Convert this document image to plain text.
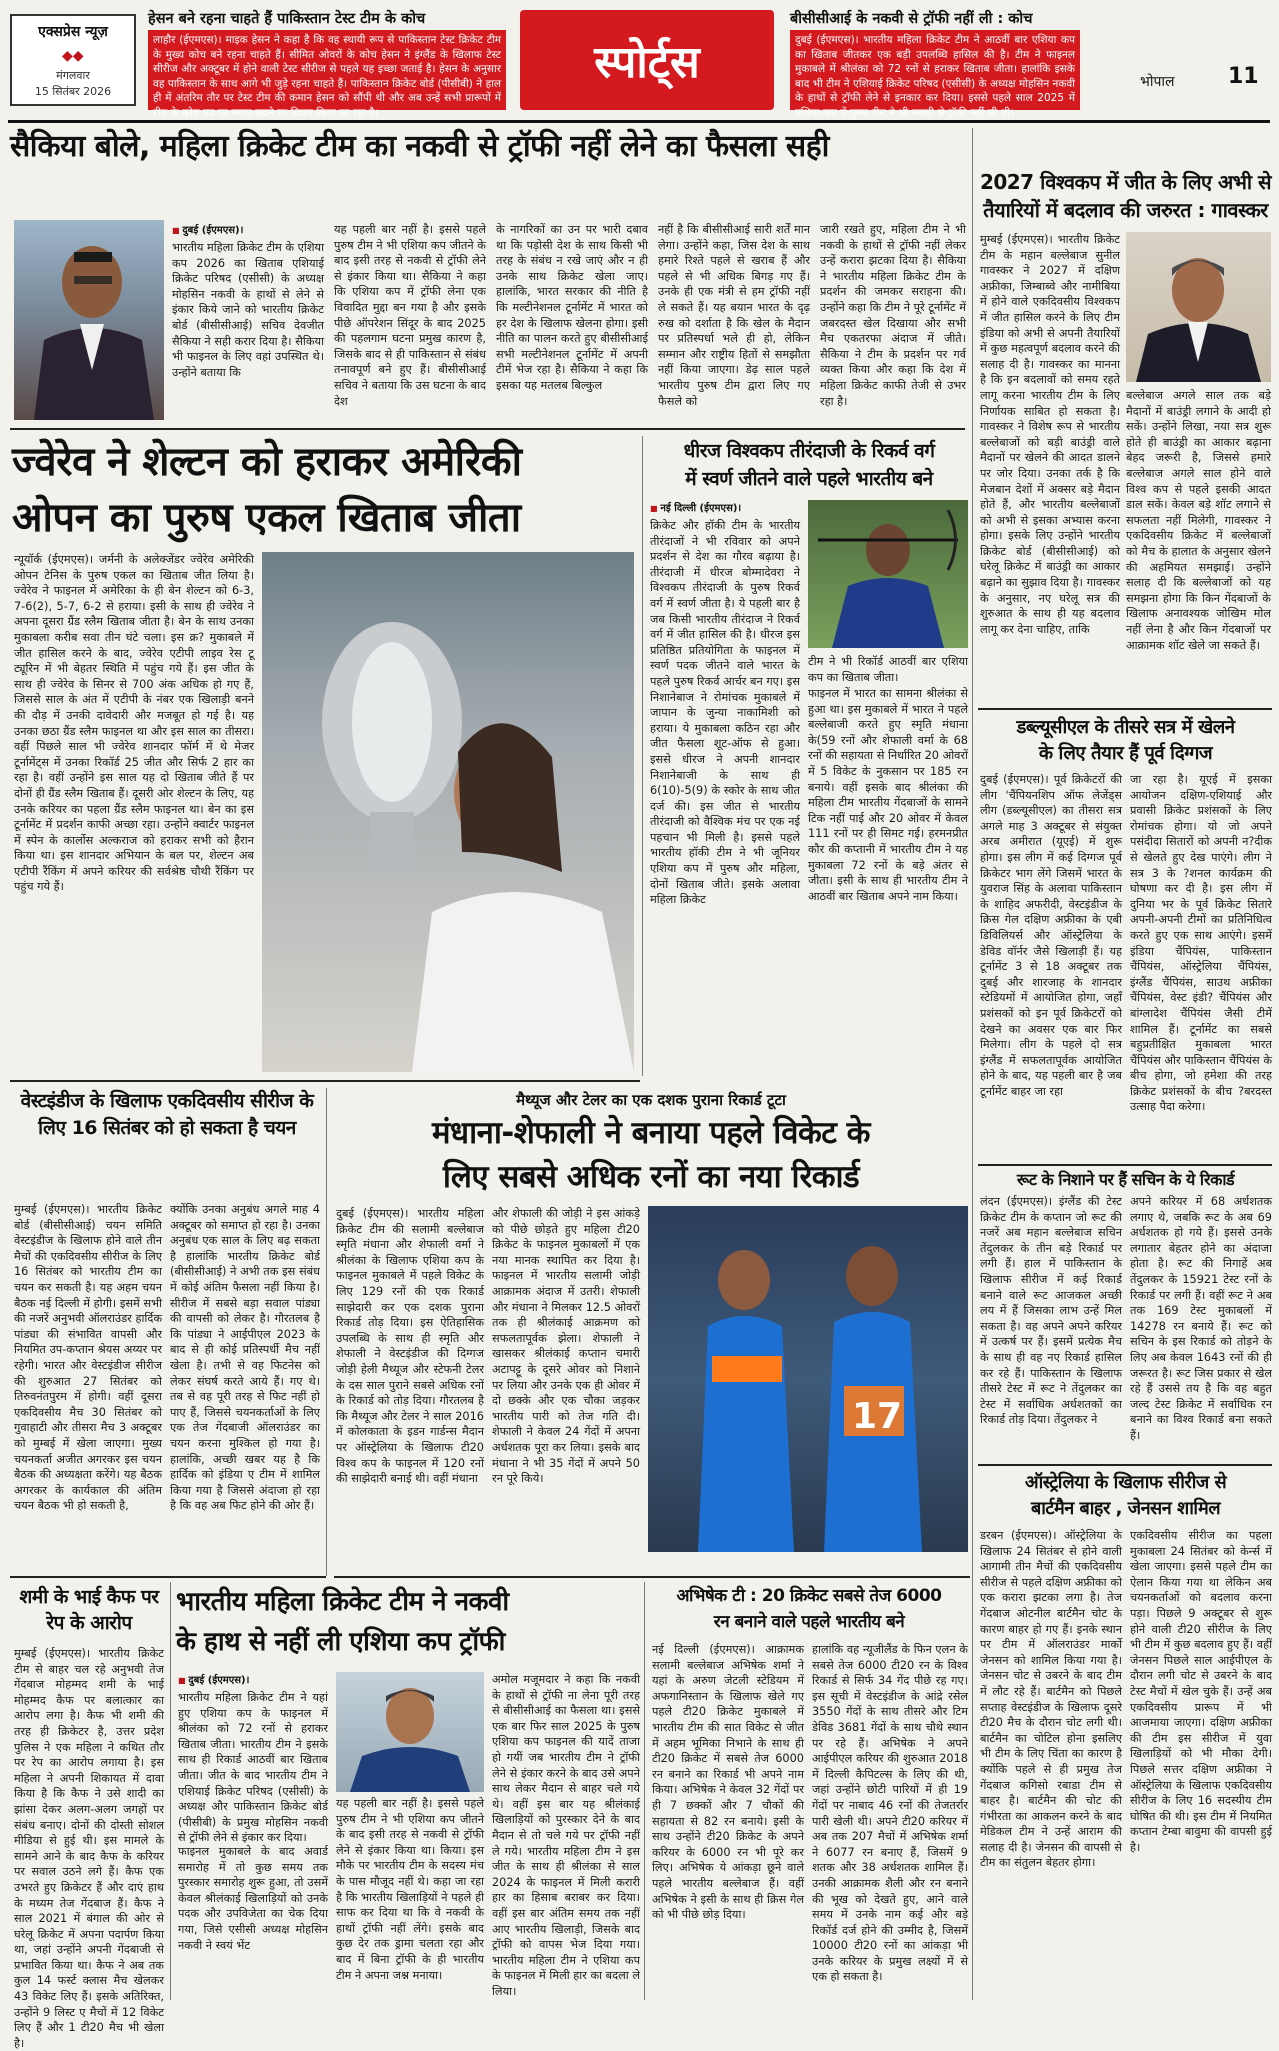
एक्सप्रेस न्यूज़
◆◆
मंगलवार
15 सितंबर 2026
हेसन बने रहना चाहते हैं पाकिस्तान टेस्ट टीम के कोच
लाहौर (ईएमएस)। माइक हेसन ने कहा है कि वह स्थायी रूप से पाकिस्तान टेस्ट क्रिकेट टीम के मुख्य कोच बने रहना चाहते हैं। सीमित ओवरों के कोच हेसन ने इंग्लैंड के खिलाफ टेस्ट सीरीज और अक्टूबर में होने वाली टेस्ट सीरीज से पहले यह इच्छा जताई है। हेसन के अनुसार वह पाकिस्तान के साथ आगे भी जुड़े रहना चाहते हैं। पाकिस्तान क्रिकेट बोर्ड (पीसीबी) ने हाल ही में अंतरिम तौर पर टेस्ट टीम की कमान हेसन को सौंपी थी और अब उन्हें सभी प्रारूपों में टीम के कोच पद पर बनाए रखने पर विचार किया जा रहा है।
स्पोर्ट्स
बीसीसीआई के नकवी से ट्रॉफी नहीं ली : कोच
दुबई (ईएमएस)। भारतीय महिला क्रिकेट टीम ने आठवीं बार एशिया कप का खिताब जीतकर एक बड़ी उपलब्धि हासिल की है। टीम ने फाइनल मुकाबले में श्रीलंका को 72 रनों से हराकर खिताब जीता। हालांकि इसके बाद भी टीम ने एशियाई क्रिकेट परिषद (एसीसी) के अध्यक्ष मोहसिन नकवी के हाथों से ट्रॉफी लेने से इनकार कर दिया। इससे पहले साल 2025 में एशिया कप में पुरुष टीम ने भी नकवी से ट्रॉफी नहीं ली थी।
भोपाल	11
सैकिया बोले, महिला क्रिकेट टीम का नकवी से ट्रॉफी नहीं लेने का फैसला सही
■ दुबई (ईएमएस)।
भारतीय महिला क्रिकेट टीम के एशिया कप 2026 का खिताब एशियाई क्रिकेट परिषद (एसीसी) के अध्यक्ष मोहसिन नकवी के हाथों से लेने से इंकार किये जाने को भारतीय क्रिकेट बोर्ड (बीसीसीआई) सचिव देवजीत सैकिया ने सही करार दिया है। सैकिया भी फाइनल के लिए वहां उपस्थित थे। उन्होंने बताया कि
यह पहली बार नहीं है। इससे पहले पुरुष टीम ने भी एशिया कप जीतने के बाद इसी तरह से नकवी से ट्रॉफी लेने से इंकार किया था। सैकिया ने कहा कि एशिया कप में ट्रॉफी लेना एक विवादित मुद्दा बन गया है और इसके पीछे ऑपरेशन सिंदूर के बाद 2025 की पहलगाम घटना प्रमुख कारण है, जिसके बाद से ही पाकिस्तान से संबंध तनावपूर्ण बने हुए हैं। बीसीसीआई सचिव ने बताया कि उस घटना के बाद देश
के नागरिकों का उन पर भारी दबाव था कि पड़ोसी देश के साथ किसी भी तरह के संबंध न रखे जाएं और न ही उनके साथ क्रिकेट खेला जाए। हालांकि, भारत सरकार की नीति है कि मल्टीनेशनल टूर्नामेंट में भारत को हर देश के खिलाफ खेलना होगा। इसी नीति का पालन करते हुए बीसीसीआई सभी मल्टीनेशनल टूर्नामेंट में अपनी टीमें भेज रहा है। सैकिया ने कहा कि इसका यह मतलब बिल्कुल
नहीं है कि बीसीसीआई सारी शर्तें मान लेगा। उन्होंने कहा, जिस देश के साथ हमारे रिश्ते पहले से खराब हैं और पहले से भी अधिक बिगड़ गए हैं। उनके ही एक मंत्री से हम ट्रॉफी नहीं ले सकते हैं। यह बयान भारत के दृढ़ रुख को दर्शाता है कि खेल के मैदान पर प्रतिस्पर्धा भले ही हो, लेकिन सम्मान और राष्ट्रीय हितों से समझौता नहीं किया जाएगा। डेढ़ साल पहले भारतीय पुरुष टीम द्वारा लिए गए फैसले को
जारी रखते हुए, महिला टीम ने भी नकवी के हाथों से ट्रॉफी नहीं लेकर उन्हें करारा झटका दिया है। सैकिया ने भारतीय महिला क्रिकेट टीम के प्रदर्शन की जमकर सराहना की। उन्होंने कहा कि टीम ने पूरे टूर्नामेंट में जबरदस्त खेल दिखाया और सभी मैच एकतरफा अंदाज में जीते। सैकिया ने टीम के प्रदर्शन पर गर्व व्यक्त किया और कहा कि देश में महिला क्रिकेट काफी तेजी से उभर रहा है।
2027 विश्वकप में जीत के लिए अभी से
तैयारियों में बदलाव की जरुरत : गावस्कर
मुम्बई (ईएमएस)। भारतीय क्रिकेट टीम के महान बल्लेबाज सुनील गावस्कर ने 2027 में दक्षिण अफ्रीका, जिम्बाब्वे और नामीबिया में होने वाले एकदिवसीय विश्वकप में जीत हासिल करने के लिए टीम इंडिया को अभी से अपनी तैयारियों में कुछ महत्वपूर्ण बदलाव करने की सलाह दी है। गावस्कर का मानना है कि इन बदलावों को समय रहते लागू करना भारतीय टीम के लिए निर्णायक साबित हो सकता है। गावस्कर ने विशेष रूप से भारतीय बल्लेबाजों को बड़ी बाउंड्री वाले मैदानों पर खेलने की आदत डालने पर जोर दिया। उनका तर्क है कि मेजबान देशों में अक्सर बड़े मैदान होते हैं, और भारतीय बल्लेबाजों को अभी से इसका अभ्यास करना होगा। इसके लिए उन्होंने भारतीय क्रिकेट बोर्ड (बीसीसीआई) को घरेलू क्रिकेट में बाउंड्री का आकार बढ़ाने का सुझाव दिया है। गावस्कर के अनुसार, नए घरेलू सत्र की शुरुआत के साथ ही यह बदलाव लागू कर देना चाहिए, ताकि
बल्लेबाज अगले साल तक बड़े मैदानों में बाउंड्री लगाने के आदी हो सकें। उन्होंने लिखा, नया सत्र शुरू होते ही बाउंड्री का आकार बढ़ाना बेहद जरूरी है, जिससे हमारे बल्लेबाज अगले साल होने वाले विश्व कप से पहले इसकी आदत डाल सकें। केवल बड़े शॉट लगाने से सफलता नहीं मिलेगी, गावस्कर ने एकदिवसीय क्रिकेट में बल्लेबाजों को मैच के हालात के अनुसार खेलने की अहमियत समझाई। उन्होंने सलाह दी कि बल्लेबाजों को यह समझना होगा कि किन गेंदबाजों के खिलाफ अनावश्यक जोखिम मोल नहीं लेना है और किन गेंदबाजों पर आक्रामक शॉट खेले जा सकते हैं।
ज्वेरेव ने शेल्टन को हराकर अमेरिकी
ओपन का पुरुष एकल खिताब जीता
न्यूयॉर्क (ईएमएस)। जर्मनी के अलेक्जेंडर ज्वेरेव अमेरिकी ओपन टेनिस के पुरुष एकल का खिताब जीत लिया है। ज्वेरेव ने फाइनल में अमेरिका के ही बेन शेल्टन को 6-3, 7-6(2), 5-7, 6-2 से हराया। इसी के साथ ही ज्वेरेव ने अपना दूसरा ग्रैंड स्लैम खिताब जीता है। बेन के साथ उनका मुकाबला करीब सवा तीन घंटे चला। इस क्र? मुकाबले में जीत हासिल करने के बाद, ज्वेरेव एटीपी लाइव रेस टू ट्यूरिन में भी बेहतर स्थिति में पहुंच गये हैं। इस जीत के साथ ही ज्वेरेव के सिनर से 700 अंक अधिक हो गए हैं, जिससे साल के अंत में एटीपी के नंबर एक खिलाड़ी बनने की दौड़ में उनकी दावेदारी और मजबूत हो गई है। यह उनका छठा ग्रैंड स्लैम फाइनल था और इस साल का तीसरा। वहीं पिछले साल भी ज्वेरेव शानदार फॉर्म में थे मेजर टूर्नामेंट्स में उनका रिकॉर्ड 25 जीत और सिर्फ 2 हार का रहा है। वहीं उन्होंने इस साल यह दो खिताब जीते हैं पर दोनों ही ग्रैंड स्लैम खिताब हैं। दूसरी ओर शेल्टन के लिए, यह उनके करियर का पहला ग्रैंड स्लैम फाइनल था। बेन का इस टूर्नामेंट में प्रदर्शन काफी अच्छा रहा। उन्होंने क्वार्टर फाइनल में स्पेन के कार्लोस अल्कराज को हराकर सभी को हैरान किया था। इस शानदार अभियान के बल पर, शेल्टन अब एटीपी रैंकिंग में अपने करियर की सर्वश्रेष्ठ चौथी रैंकिंग पर पहुंच गये हैं।
धीरज विश्वकप तीरंदाजी के रिकर्व वर्ग
में स्वर्ण जीतने वाले पहले भारतीय बने
■ नई दिल्ली (ईएमएस)।
क्रिकेट और हॉकी टीम के भारतीय तीरंदाजों ने भी रविवार को अपने प्रदर्शन से देश का गौरव बढ़ाया है। तीरंदाजी में धीरज बोम्मादेवरा ने विश्वकप तीरंदाजी के पुरुष रिकर्व वर्ग में स्वर्ण जीता है। ये पहली बार है जब किसी भारतीय तीरंदाज ने रिकर्व वर्ग में जीत हासिल की है। धीरज इस प्रतिष्ठित प्रतियोगिता के फाइनल में स्वर्ण पदक जीतने वाले भारत के पहले पुरुष रिकर्व आर्चर बन गए। इस निशानेबाज ने रोमांचक मुकाबले में जापान के जुन्या नाकामिशी को हराया। ये मुकाबला कठिन रहा और जीत फैसला शूट-ऑफ से हुआ। इससे धीरज ने अपनी शानदार निशानेबाजी के साथ ही 6(10)-5(9) के स्कोर के साथ जीत दर्ज की। इस जीत से भारतीय तीरंदाजी को वैश्विक मंच पर एक नई पहचान भी मिली है। इससे पहले भारतीय हॉकी टीम ने भी जूनियर एशिया कप में पुरुष और महिला, दोनों खिताब जीते। इसके अलावा महिला क्रिकेट
टीम ने भी रिकॉर्ड आठवीं बार एशिया कप का खिताब जीता।
फाइनल में भारत का सामना श्रीलंका से हुआ था। इस मुकाबले में भारत ने पहले बल्लेबाजी करते हुए स्मृति मंधाना के(59 रनों और शेफाली वर्मा के 68 रनों की सहायता से निर्धारित 20 ओवरों में 5 विकेट के नुकसान पर 185 रन बनाये। वहीं इसके बाद श्रीलंका की महिला टीम भारतीय गेंदबाजों के सामने टिक नहीं पाई और 20 ओवर में केवल 111 रनों पर ही सिमट गई। हरमनप्रीत कौर की कप्तानी में भारतीय टीम ने यह मुकाबला 72 रनों के बड़े अंतर से जीता। इसी के साथ ही भारतीय टीम ने आठवीं बार खिताब अपने नाम किया।
डब्ल्यूसीएल के तीसरे सत्र में खेलने
के लिए तैयार हैं पूर्व दिग्गज
दुबई (ईएमएस)। पूर्व क्रिकेटरों की लीग 'चैंपियनशिप ऑफ लेजेंड्स लीग (डब्ल्यूसीएल) का तीसरा सत्र अगले माह 3 अक्टूबर से संयुक्त अरब अमीरात (यूएई) में शुरू होगा। इस लीग में कई दिग्गज पूर्व क्रिकेटर भाग लेंगे जिसमें भारत के युवराज सिंह के अलावा पाकिस्तान के शाहिद अफरीदी, वेस्टइंडीज के क्रिस गेल दक्षिण अफ्रीका के एबी डिविलियर्स और ऑस्ट्रेलिया के डेविड वॉर्नर जैसे खिलाड़ी हैं। यह टूर्नामेंट 3 से 18 अक्टूबर तक दुबई और शारजाह के शानदार स्टेडियमों में आयोजित होगा, जहाँ प्रशंसकों को इन पूर्व क्रिकेटरों को देखने का अवसर एक बार फिर मिलेगा। लीग के पहले दो सत्र इंग्लैंड में सफलतापूर्वक आयोजित होने के बाद, यह पहली बार है जब टूर्नामेंट बाहर जा रहा
जा रहा है। यूएई में इसका आयोजन दक्षिण-एशियाई और प्रवासी क्रिकेट प्रशंसकों के लिए रोमांचक होगा। यो जो अपने पसंदीदा सितारों को अपनी न?दीक से खेलते हुए देख पाएंगे। लीग ने सत्र 3 के ?शनल कार्यक्रम की घोषणा कर दी है। इस लीग में दुनिया भर के पूर्व क्रिकेट सितारे अपनी-अपनी टीमों का प्रतिनिधित्व करते हुए एक साथ आएंगे। इसमें इंडिया चैंपियंस, पाकिस्तान चैंपियंस, ऑस्ट्रेलिया चैंपियंस, इंग्लैंड चैंपियंस, साउथ अफ्रीका चैंपियंस, वेस्ट इंडी? चैंपियंस और बांग्लादेश चैंपियंस जैसी टीमें शामिल हैं। टूर्नामेंट का सबसे बहुप्रतीक्षित मुकाबला भारत चैंपियंस और पाकिस्तान चैंपियंस के बीच होगा, जो हमेशा की तरह क्रिकेट प्रशंसकों के बीच ?बरदस्त उत्साह पैदा करेगा।
रूट के निशाने पर हैं सचिन के ये रिकार्ड
लंदन (ईएमएस)। इंग्लैंड की टेस्ट क्रिकेट टीम के कप्तान जो रूट की नजरें अब महान बल्लेबाज सचिन तेंदुलकर के तीन बड़े रिकार्ड पर लगी हैं। हाल में पाकिस्तान के खिलाफ सीरीज में कई रिकार्ड बनाने वाले रूट आजकल अच्छी लय में हैं जिसका लाभ उन्हें मिल सकता है। वह अपने अपने करियर में उत्कर्ष पर हैं। इसमें प्रत्येक मैच के साथ ही वह नए रिकार्ड हासिल कर रहे हैं। पाकिस्तान के खिलाफ तीसरे टेस्ट में रूट ने तेंदुलकर का टेस्ट में सर्वाधिक अर्धशतकों का रिकार्ड तोड़ दिया। तेंदुलकर ने
अपने करियर में 68 अर्धशतक लगाए थे, जबकि रूट के अब 69 अर्धशतक हो गये हैं। इससे उनके लगातार बेहतर होने का अंदाजा होता है। रूट की निगाहें अब तेंदुलकर के 15921 टेस्ट रनों के रिकार्ड पर लगी हैं। वहीं रूट ने अब तक 169 टेस्ट मुकाबलों में 14278 रन बनाये हैं। रूट को सचिन के इस रिकार्ड को तोड़ने के लिए अब केवल 1643 रनों की ही जरूरत है। रूट जिस प्रकार से खेल रहे हैं उससे तय है कि वह बहुत जल्द टेस्ट क्रिकेट में सर्वाधिक रन बनाने का विश्व रिकार्ड बना सकते हैं।
वेस्टइंडीज के खिलाफ एकदिवसीय सीरीज के लिए 16 सितंबर को हो सकता है चयन
मुम्बई (ईएमएस)। भारतीय क्रिकेट बोर्ड (बीसीसीआई) चयन समिति वेस्टइंडीज के खिलाफ होने वाले तीन मैचों की एकदिवसीय सीरीज के लिए 16 सितंबर को भारतीय टीम का चयन कर सकती है। यह अहम चयन बैठक नई दिल्ली में होगी। इसमें सभी की नजरें अनुभवी ऑलराउंडर हार्दिक पांड्या की संभावित वापसी और नियमित उप-कप्तान श्रेयस अय्यर पर रहेगी। भारत और वेस्टइंडीज सीरीज की शुरुआत 27 सितंबर को तिरुवनंतपुरम में होगी। वहीं दूसरा एकदिवसीय मैच 30 सितंबर को गुवाहाटी और तीसरा मैच 3 अक्टूबर को मुम्बई में खेला जाएगा। मुख्य चयनकर्ता अजीत अगरकर इस चयन बैठक की अध्यक्षता करेंगे। यह बैठक अगरकर के कार्यकाल की अंतिम चयन बैठक भी हो सकती है,
क्योंकि उनका अनुबंध अगले माह 4 अक्टूबर को समाप्त हो रहा है। उनका अनुबंध एक साल के लिए बढ़ सकता है हालांकि भारतीय क्रिकेट बोर्ड (बीसीसीआई) ने अभी तक इस संबंध में कोई अंतिम फैसला नहीं किया है। सीरीज में सबसे बड़ा सवाल पांड्या की वापसी को लेकर है। गौरतलब है कि पांड्या ने आईपीएल 2023 के बाद से ही कोई प्रतिस्पर्धी मैच नहीं खेला है। तभी से वह फिटनेस को लेकर संघर्ष करते आये हैं। गए थे। तब से वह पूरी तरह से फिट नहीं हो पाए हैं, जिससे चयनकर्ताओं के लिए एक तेज गेंदबाजी ऑलराउंडर का चयन करना मुश्किल हो गया है। हालांकि, अच्छी खबर यह है कि हार्दिक को इंडिया ए टीम में शामिल किया गया है जिससे अंदाजा हो रहा है कि वह अब फिट होने की ओर हैं।
मैथ्यूज और टेलर का एक दशक पुराना रिकार्ड टूटा
मंधाना-शेफाली ने बनाया पहले विकेट के
लिए सबसे अधिक रनों का नया रिकार्ड
दुबई (ईएमएस)। भारतीय महिला क्रिकेट टीम की सलामी बल्लेबाज स्मृति मंधाना और शेफाली वर्मा ने श्रीलंका के खिलाफ एशिया कप के फाइनल मुकाबले में पहले विकेट के लिए 129 रनों की एक रिकार्ड साझेदारी कर एक दशक पुराना रिकार्ड तोड़ दिया। इस ऐतिहासिक उपलब्धि के साथ ही स्मृति और शेफाली ने वेस्टइंडीज की दिग्गज जोड़ी हेली मैथ्यूज और स्टेफनी टेलर के दस साल पुराने सबसे अधिक रनों के रिकार्ड को तोड़ दिया। गौरतलब है कि मैथ्यूज और टेलर ने साल 2016 में कोलकाता के इडन गार्डन्स मैदान पर ऑस्ट्रेलिया के खिलाफ टी20 विश्व कप के फाइनल में 120 रनों की साझेदारी बनाई थी। वहीं मंधाना
और शेफाली की जोड़ी ने इस आंकड़े को पीछे छोड़ते हुए महिला टी20 क्रिकेट के फाइनल मुकाबलों में एक नया मानक स्थापित कर दिया है। फाइनल में भारतीय सलामी जोड़ी आक्रामक अंदाज में उतरी। शेफाली और मंधाना ने मिलकर 12.5 ओवरों तक ही श्रीलंकाई आक्रमण को सफलतापूर्वक झेला। शेफाली ने खासकर श्रीलंकाई कप्तान चमारी अटापट्टू के दूसरे ओवर को निशाने पर लिया और उनके एक ही ओवर में दो छक्के और एक चौका जड़कर भारतीय पारी को तेज गति दी। शेफाली ने केवल 24 गेंदों में अपना अर्धशतक पूरा कर लिया। इसके बाद मंधाना ने भी 35 गेंदों में अपने 50 रन पूरे किये।
17
ऑस्ट्रेलिया के खिलाफ सीरीज से
बार्टमैन बाहर , जेनसन शामिल
डरबन (ईएमएस)। ऑस्ट्रेलिया के खिलाफ 24 सितंबर से होने वाली आगामी तीन मैचों की एकदिवसीय सीरीज से पहले दक्षिण अफ्रीका को एक करारा झटका लगा है। तेज गेंदबाज ओटनील बार्टमैन चोट के कारण बाहर हो गए हैं। इनके स्थान पर टीम में ऑलराउंडर मार्को जेनसन को शामिल किया गया है। जेनसन चोट से उबरने के बाद टीम में लौट रहे हैं। बार्टमैन को पिछले सप्ताह वेस्टइंडीज के खिलाफ दूसरे टी20 मैच के दौरान चोट लगी थी। बार्टमैन का चोटिल होना इसलिए भी टीम के लिए चिंता का कारण है क्योंकि पहले से ही प्रमुख तेज गेंदबाज कगिसो रबाडा टीम से बाहर है। बार्टमैन की चोट की गंभीरता का आकलन करने के बाद मेडिकल टीम ने उन्हें आराम की सलाह दी है। जेनसन की वापसी से टीम का संतुलन बेहतर होगा।
एकदिवसीय सीरीज का पहला मुकाबला 24 सितंबर को केर्न्स में खेला जाएगा। इससे पहले टीम का ऐलान किया गया था लेकिन अब चयनकर्ताओं को बदलाव करना पड़ा। पिछले 9 अक्टूबर से शुरू होने वाली टी20 सीरीज के लिए भी टीम में कुछ बदलाव हुए हैं। वहीं जेनसन पिछले साल आईपीएल के दौरान लगी चोट से उबरने के बाद टेस्ट मैचों में खेल चुके हैं। उन्हें अब एकदिवसीय प्रारूप में भी आजमाया जाएगा। दक्षिण अफ्रीका की टीम इस सीरीज में युवा खिलाड़ियों को भी मौका देगी। पिछले सत्तर दक्षिण अफ्रीका ने ऑस्ट्रेलिया के खिलाफ एकदिवसीय सीरीज के लिए 16 सदस्यीय टीम घोषित की थी। इस टीम में नियमित कप्तान टेम्बा बावुमा की वापसी हुई है।
शमी के भाई कैफ पर रेप के आरोप
मुम्बई (ईएमएस)। भारतीय क्रिकेट टीम से बाहर चल रहे अनुभवी तेज गेंदबाज मोहम्मद शमी के भाई मोहम्मद कैफ पर बलात्कार का आरोप लगा है। कैफ भी शमी की तरह ही क्रिकेटर है, उत्तर प्रदेश पुलिस ने एक महिला ने कथित तौर पर रेप का आरोप लगाया है। इस महिला ने अपनी शिकायत में दावा किया है कि कैफ ने उसे शादी का झांसा देकर अलग-अलग जगहों पर संबंध बनाए। दोनों की दोस्ती सोशल मीडिया से हुई थी। इस मामले के सामने आने के बाद कैफ के करियर पर सवाल उठने लगे हैं। कैफ एक उभरते हुए क्रिकेटर हैं और दाएं हाथ के मध्यम तेज गेंदबाज हैं। कैफ ने साल 2021 में बंगाल की ओर से घरेलू क्रिकेट में अपना पदार्पण किया था, जहां उन्होंने अपनी गेंदबाजी से प्रभावित किया था। कैफ ने अब तक कुल 14 फर्स्ट क्लास मैच खेलकर 43 विकेट लिए हैं। इसके अतिरिक्त, उन्होंने 9 लिस्ट ए मैचों में 12 विकेट लिए हैं और 1 टी20 मैच भी खेला है।
भारतीय महिला क्रिकेट टीम ने नकवी
के हाथ से नहीं ली एशिया कप ट्रॉफी
■ दुबई (ईएमएस)।
भारतीय महिला क्रिकेट टीम ने यहां हुए एशिया कप के फाइनल में श्रीलंका को 72 रनों से हराकर खिताब जीता। भारतीय टीम ने इसके साथ ही रिकार्ड आठवीं बार खिताब जीता। जीत के बाद भारतीय टीम ने एशियाई क्रिकेट परिषद (एसीसी) के अध्यक्ष और पाकिस्तान क्रिकेट बोर्ड (पीसीबी) के प्रमुख मोहसिन नकवी से ट्रॉफी लेने से इंकार कर दिया।
फाइनल मुकाबले के बाद अवार्ड समारोह में तो कुछ समय तक पुरस्कार समारोह शुरू हुआ, तो उसमें केवल श्रीलंकाई खिलाड़ियों को उनके पदक और उपविजेता का चेक दिया गया, जिसे एसीसी अध्यक्ष मोहसिन नकवी ने स्वयं भेंट
यह पहली बार नहीं है। इससे पहले पुरुष टीम ने भी एशिया कप जीतने के बाद इसी तरह से नकवी से ट्रॉफी लेने से इंकार किया था। किया। इस मौके पर भारतीय टीम के सदस्य मंच के पास मौजूद नहीं थे। कहा जा रहा है कि भारतीय खिलाड़ियों ने पहले ही साफ कर दिया था कि वे नकवी के हाथों ट्रॉफी नहीं लेंगे। इसके बाद कुछ देर तक ड्रामा चलता रहा और बाद में बिना ट्रॉफी के ही भारतीय टीम ने अपना जश्न मनाया।
अमोल मजूमदार ने कहा कि नकवी के हाथों से ट्रॉफी ना लेना पूरी तरह से बीसीसीआई का फैसला था। इससे एक बार फिर साल 2025 के पुरुष एशिया कप फाइनल की यादें ताजा हो गयीं जब भारतीय टीम ने ट्रॉफी लेने से इंकार करने के बाद उसे अपने साथ लेकर मैदान से बाहर चले गये थे। वहीं इस बार यह श्रीलंकाई खिलाड़ियों को पुरस्कार देने के बाद मैदान से तो चले गये पर ट्रॉफी नहीं ले गये। भारतीय महिला टीम ने इस जीत के साथ ही श्रीलंका से साल 2024 के फाइनल में मिली करारी हार का हिसाब बराबर कर दिया। वहीं इस बार अंतिम समय तक नहीं आए भारतीय खिलाड़ी, जिसके बाद ट्रॉफी को वापस भेज दिया गया। भारतीय महिला टीम ने एशिया कप के फाइनल में मिली हार का बदला ले लिया।
अभिषेक टी : 20 क्रिकेट सबसे तेज 6000
रन बनाने वाले पहले भारतीय बने
नई दिल्ली (ईएमएस)। आक्रामक सलामी बल्लेबाज अभिषेक शर्मा ने यहां के अरुण जेटली स्टेडियम में अफगानिस्तान के खिलाफ खेले गए पहले टी20 क्रिकेट मुकाबले में भारतीय टीम की सात विकेट से जीत में अहम भूमिका निभाने के साथ ही टी20 क्रिकेट में सबसे तेज 6000 रन बनाने का रिकार्ड भी अपने नाम किया। अभिषेक ने केवल 32 गेंदों पर ही 7 छक्कों और 7 चौकों की सहायता से 82 रन बनाये। इसी के साथ उन्होंने टी20 क्रिकेट के अपने करियर के 6000 रन भी पूरे कर लिए। अभिषेक ये आंकड़ा छूने वाले पहले भारतीय बल्लेबाज हैं। वहीं अभिषेक ने इसी के साथ ही क्रिस गेल को भी पीछे छोड़ दिया।
हालांकि वह न्यूजीलैंड के फिन एलन के सबसे तेज 6000 टी20 रन के विश्व रिकार्ड से सिर्फ 34 गेंद पीछे रह गए। इस सूची में वेस्टइंडीज के आंद्रे रसेल 3550 गेंदों के साथ तीसरे और टिम डेविड 3681 गेंदों के साथ चौथे स्थान पर रहे हैं। अभिषेक ने अपने आईपीएल करियर की शुरुआत 2018 में दिल्ली कैपिटल्स के लिए की थी, जहां उन्होंने छोटी पारियों में ही 19 गेंदों पर नाबाद 46 रनों की तेजतर्रार पारी खेली थी। अपने टी20 करियर में अब तक 207 मैचों में अभिषेक शर्मा ने 6077 रन बनाए हैं, जिसमें 9 शतक और 38 अर्धशतक शामिल हैं। उनकी आक्रामक शैली और रन बनाने की भूख को देखते हुए, आने वाले समय में उनके नाम कई और बड़े रिकॉर्ड दर्ज होने की उम्मीद है, जिसमें 10000 टी20 रनों का आंकड़ा भी उनके करियर के प्रमुख लक्ष्यों में से एक हो सकता है।
